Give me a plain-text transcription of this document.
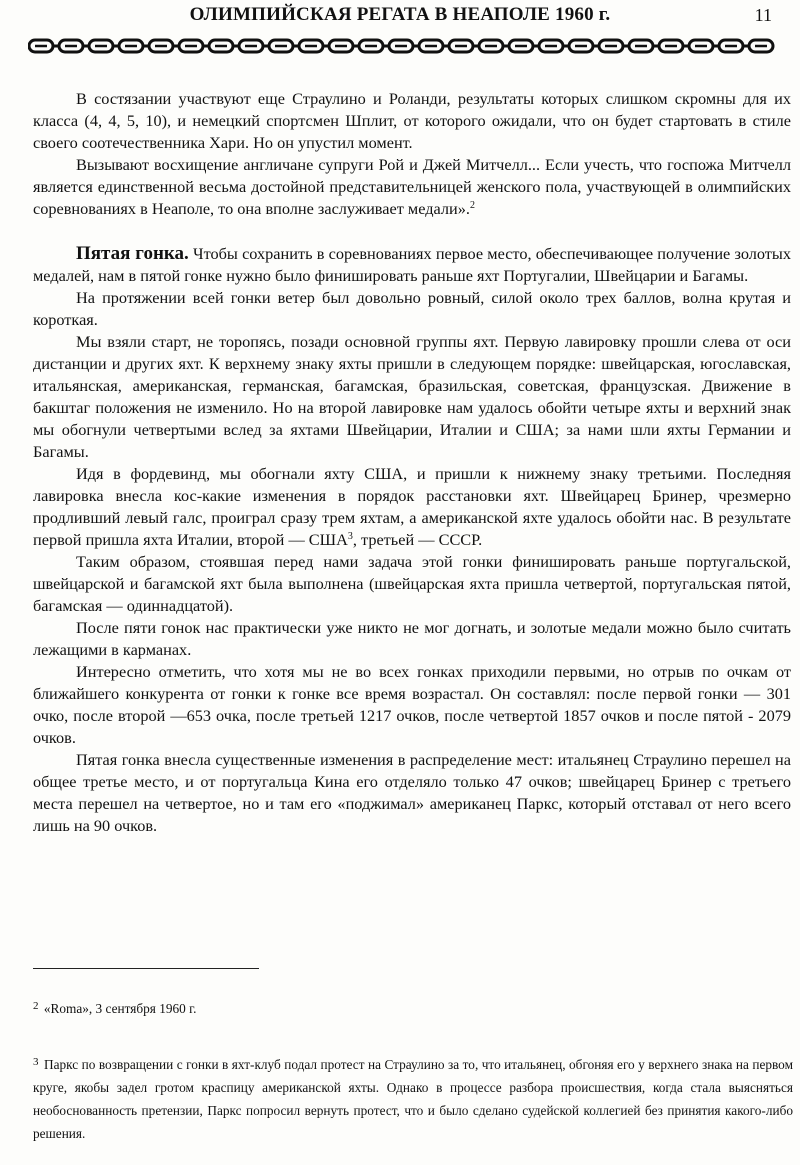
ОЛИМПИЙСКАЯ РЕГАТА В НЕАПОЛЕ 1960 г.	11

В состязании участвуют еще Страулино и Роланди, результаты которых слишком скромны для их класса (4, 4, 5, 10), и немецкий спортсмен Шплит, от которого ожидали, что он будет стартовать в стиле своего соотечественника Хари. Но он упустил момент.

Вызывают восхищение англичане супруги Рой и Джей Митчелл... Если учесть, что госпожа Митчелл является единственной весьма достойной представительницей женского пола, участвующей в олимпийских соревнованиях в Неаполе, то она вполне заслуживает медали».$^2$

Пятая гонка. Чтобы сохранить в соревнованиях первое место, обеспечивающее получение золотых медалей, нам в пятой гонке нужно было финишировать раньше яхт Португалии, Швейцарии и Багамы.

На протяжении всей гонки ветер был довольно ровный, силой около трех баллов, волна крутая и короткая.

Мы взяли старт, не торопясь, позади основной группы яхт. Первую лавировку прошли слева от оси дистанции и других яхт. К верхнему знаку яхты пришли в следующем порядке: швейцарская, югославская, итальянская, американская, германская, багамская, бразильская, советская, французская. Движение в бакштаг положения не изменило. Но на второй лавировке нам удалось обойти четыре яхты и верхний знак мы обогнули четвертыми вслед за яхтами Швейцарии, Италии и США; за нами шли яхты Германии и Багамы.

Идя в фордевинд, мы обогнали яхту США, и пришли к нижнему знаку третьими. Последняя лавировка внесла кос-какие изменения в порядок расстановки яхт. Швейцарец Бринер, чрезмерно продливший левый галс, проиграл сразу трем яхтам, а американской яхте удалось обойти нас. В результате первой пришла яхта Италии, второй — США$^3$, третьей — СССР.

Таким образом, стоявшая перед нами задача этой гонки финишировать раньше португальской, швейцарской и багамской яхт была выполнена (швейцарская яхта пришла четвертой, португальская пятой, багамская — одиннадцатой).

После пяти гонок нас практически уже никто не мог догнать, и золотые медали можно было считать лежащими в карманах.

Интересно отметить, что хотя мы не во всех гонках приходили первыми, но отрыв по очкам от ближайшего конкурента от гонки к гонке все время возрастал. Он составлял: после первой гонки — 301 очко, после второй —653 очка, после третьей 1217 очков, после четвертой 1857 очков и после пятой - 2079 очков.

Пятая гонка внесла существенные изменения в распределение мест: итальянец Страулино перешел на общее третье место, и от португальца Кина его отделяло только 47 очков; швейцарец Бринер с третьего места перешел на четвертое, но и там его «поджимал» американец Паркс, который отставал от него всего лишь на 90 очков.

$^2$ «Roma», 3 сентября 1960 г.
$^3$ Паркс по возвращении с гонки в яхт-клуб подал протест на Страулино за то, что итальянец, обгоняя его у верхнего знака на первом круге, якобы задел гротом краспицу американской яхты. Однако в процессе разбора происшествия, когда стала выясняться необоснованность претензии, Паркс попросил вернуть протест, что и было сделано судейской коллегией без принятия какого-либо решения.
